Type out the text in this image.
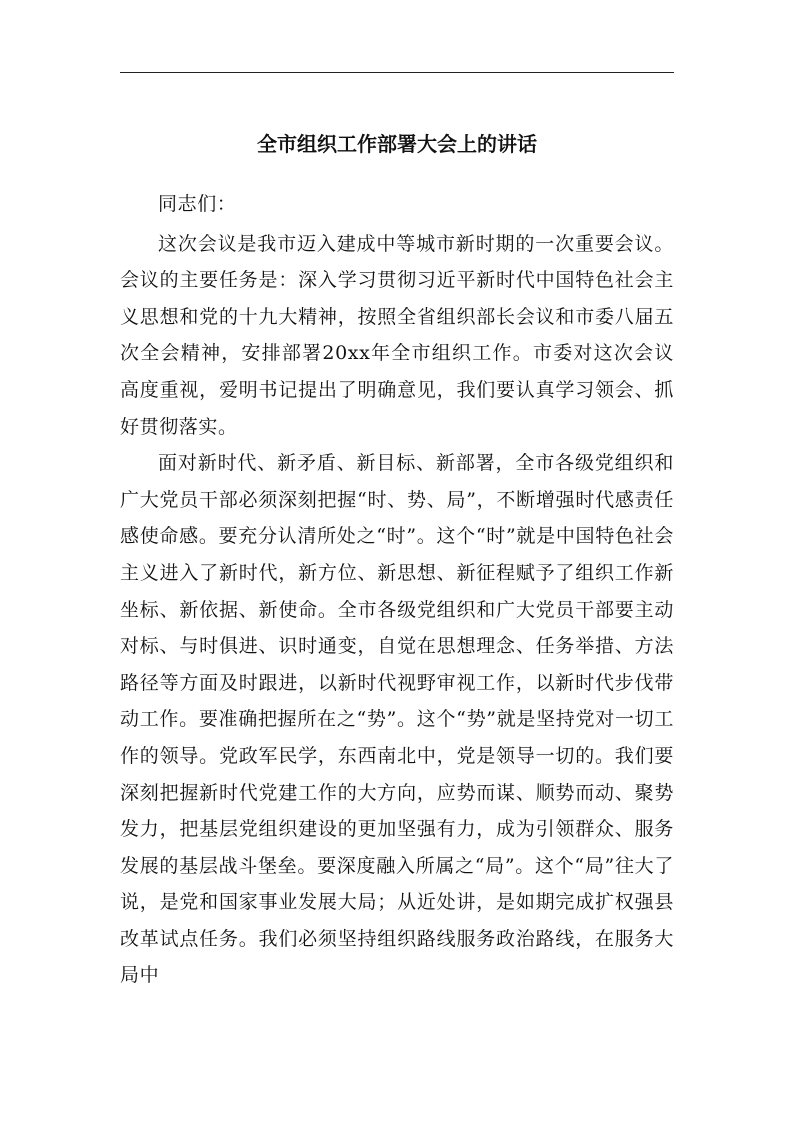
全市组织工作部署大会上的讲话

同志们：

这次会议是我市迈入建成中等城市新时期的一次重要会议。会议的主要任务是：深入学习贯彻习近平新时代中国特色社会主义思想和党的十九大精神，按照全省组织部长会议和市委八届五次全会精神，安排部署20xx年全市组织工作。市委对这次会议高度重视，爱明书记提出了明确意见，我们要认真学习领会、抓好贯彻落实。

面对新时代、新矛盾、新目标、新部署，全市各级党组织和广大党员干部必须深刻把握“时、势、局”，不断增强时代感责任感使命感。要充分认清所处之“时”。这个“时”就是中国特色社会主义进入了新时代，新方位、新思想、新征程赋予了组织工作新坐标、新依据、新使命。全市各级党组织和广大党员干部要主动对标、与时俱进、识时通变，自觉在思想理念、任务举措、方法路径等方面及时跟进，以新时代视野审视工作，以新时代步伐带动工作。要准确把握所在之“势”。这个“势”就是坚持党对一切工作的领导。党政军民学，东西南北中，党是领导一切的。我们要深刻把握新时代党建工作的大方向，应势而谋、顺势而动、聚势发力，把基层党组织建设的更加坚强有力，成为引领群众、服务发展的基层战斗堡垒。要深度融入所属之“局”。这个“局”往大了说，是党和国家事业发展大局；从近处讲，是如期完成扩权强县改革试点任务。我们必须坚持组织路线服务政治路线，在服务大局中
